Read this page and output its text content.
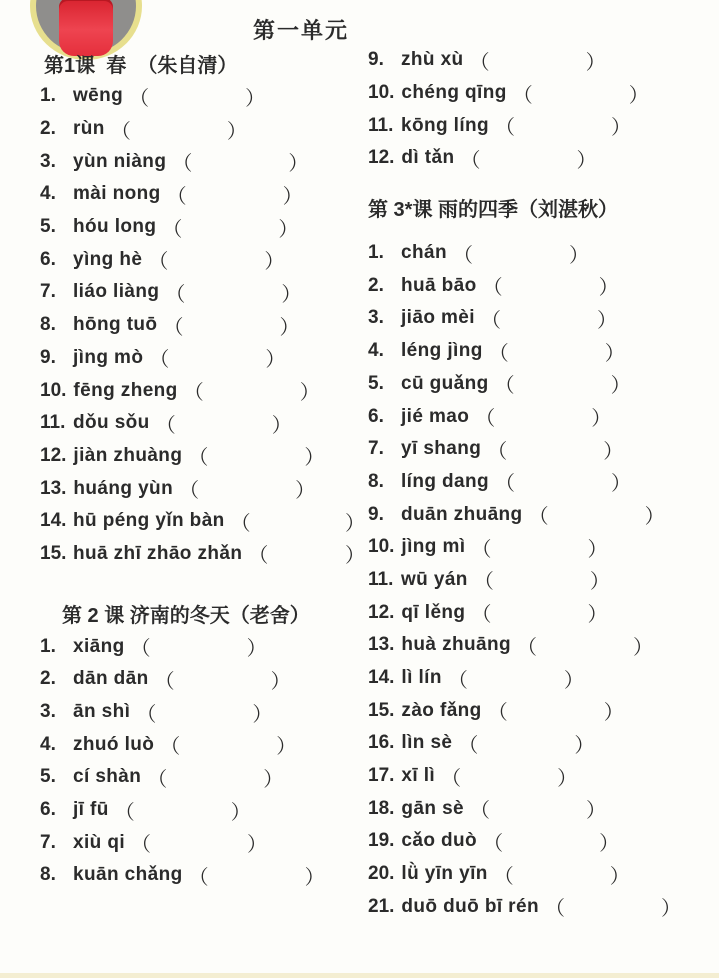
第一单元
第1课  春  （朱自清）
1. wēng （	）
2. rùn （	）
3. yùn niàng （	）
4. mài nong （	）
5. hóu long （	）
6. yìng hè （	）
7. liáo liàng （	）
8. hōng tuō （	）
9. jìng mò （	）
10. fēng zheng （	）
11. dǒu sǒu （	）
12. jiàn zhuàng （	）
13. huáng yùn （	）
14. hū péng yǐn bàn （	）
15. huā zhī zhāo zhǎn （	）
第 2 课 济南的冬天（老舍）
1. xiāng （	）
2. dān dān （	）
3. ān shì （	）
4. zhuó luò （	）
5. cí shàn （	）
6. jī fū （	）
7. xiù qi （	）
8. kuān chǎng （	）
9. zhù xù （	）
10. chéng qīng （	）
11. kōng líng （	）
12. dì tǎn （	）
第 3*课 雨的四季（刘湛秋）
1. chán （	）
2. huā bāo （	）
3. jiāo mèi （	）
4. léng jìng （	）
5. cū guǎng （	）
6. jié mao （	）
7. yī shang （	）
8. líng dang （	）
9. duān zhuāng （	）
10. jìng mì （	）
11. wū yán （	）
12. qī lěng （	）
13. huà zhuāng （	）
14. lì lín （	）
15. zào fǎng （	）
16. lìn sè （	）
17. xī lì （	）
18. gān sè （	）
19. cǎo duò （	）
20. lǜ yīn yīn （	）
21. duō duō bī rén （	）
